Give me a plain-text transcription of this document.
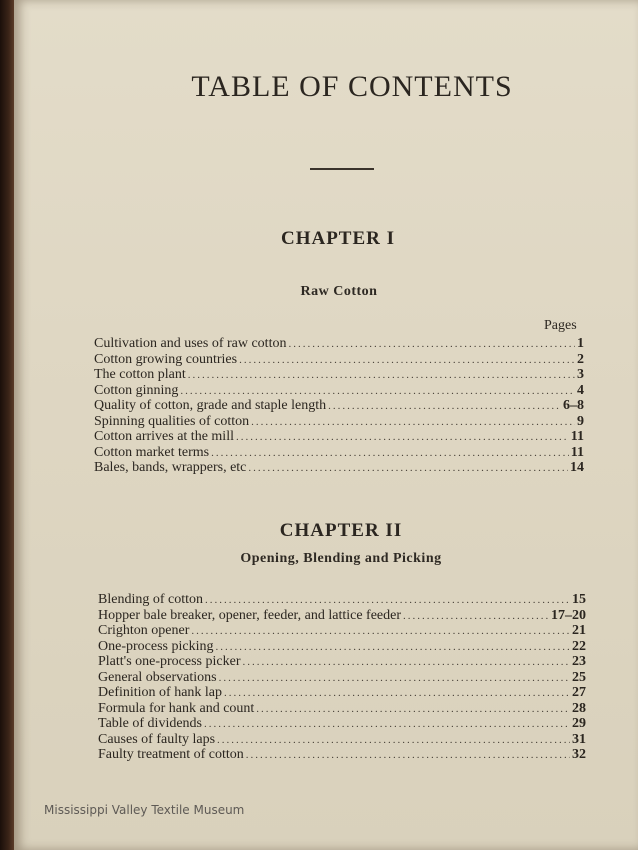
TABLE OF CONTENTS
CHAPTER I
Raw Cotton
Pages
Cultivation and uses of raw cotton .....	1
Cotton growing countries .....	2
The cotton plant .....	3
Cotton ginning .....	4
Quality of cotton, grade and staple length .....	6–8
Spinning qualities of cotton .....	9
Cotton arrives at the mill .....	11
Cotton market terms .....	11
Bales, bands, wrappers, etc .....	14
CHAPTER II
Opening, Blending and Picking
Blending of cotton .....	15
Hopper bale breaker, opener, feeder, and lattice feeder .....	17–20
Crighton opener .....	21
One-process picking .....	22
Platt's one-process picker .....	23
General observations .....	25
Definition of hank lap .....	27
Formula for hank and count .....	28
Table of dividends .....	29
Causes of faulty laps .....	31
Faulty treatment of cotton .....	32
Mississippi Valley Textile Museum
